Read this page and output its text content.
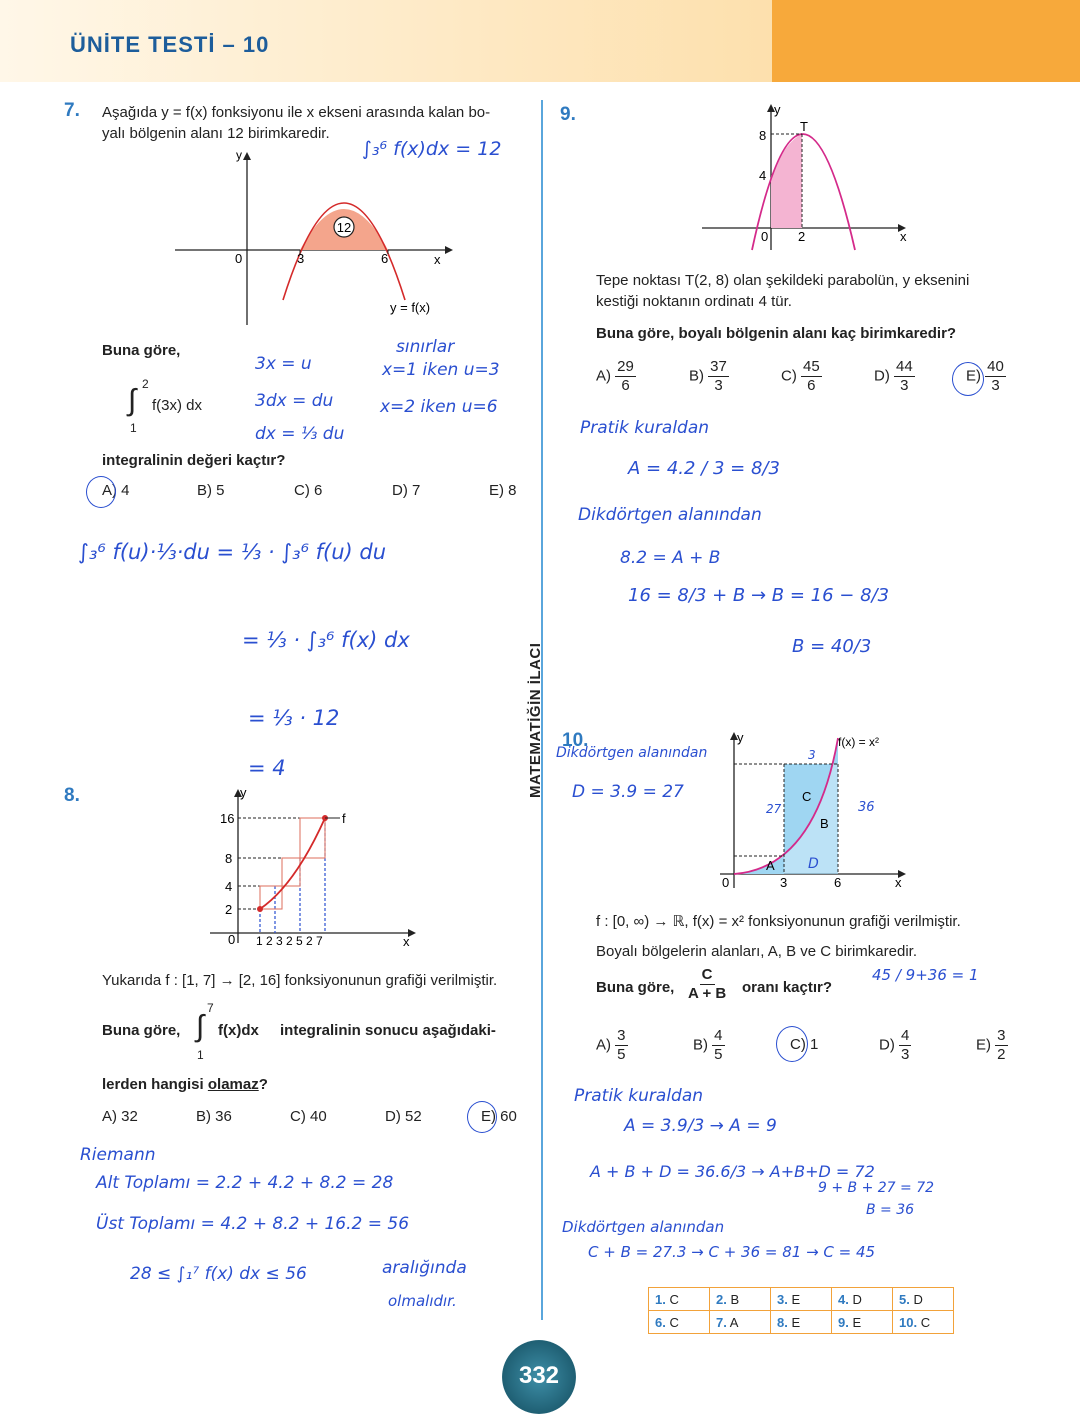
ÜNİTE TESTİ – 10
MATEMATİĞİN İLACI
7. Aşağıda y = f(x) fonksiyonu ile x ekseni arasında kalan bo-
yalı bölgenin alanı 12 birimkaredir.
12
y
x
0	3	6
y = f(x)
Buna göre,
2
∫ f(3x) dx
1
integralinin değeri kaçtır?
A) 4	B) 5	C) 6	D) 7	E) 8
∫₃⁶ f(x)dx = 12
3x = u
3dx = du
dx = ⅓ du
sınırlar
x=1 iken u=3
x=2 iken u=6
∫₃⁶ f(u)·⅓·du = ⅓ · ∫₃⁶ f(u) du
= ⅓ · ∫₃⁶ f(x) dx
= ⅓ · 12
= 4
8.	y
x
f
16
8
4
2
0 1 2 3 2 5 2 7
Yukarıda f : [1, 7] → [2, 16] fonksiyonunun grafiği verilmiştir.
Buna göre,
7
∫ f(x)dx
1
integralinin sonucu aşağıdaki-
lerden hangisi olamaz?
A) 32	B) 36	C) 40	D) 52	E) 60
Riemann
Alt Toplamı = 2.2 + 4.2 + 8.2 = 28
Üst Toplamı = 4.2 + 8.2 + 16.2 = 56
28 ≤ ∫₁⁷ f(x) dx ≤ 56	aralığında
olmalıdır.
9.	y
x
T
8
4
0 2
Tepe noktası T(2, 8) olan şekildeki parabolün, y eksenini
kestiği noktanın ordinatı 4 tür.
Buna göre, boyalı bölgenin alanı kaç birimkaredir?
$A) \frac{29}{6}$	$B) \frac{37}{3}$	$C) \frac{45}{6}$	$D) \frac{44}{3}$	$E) \frac{40}{3}$
Pratik kuraldan
A = 4.2 / 3 = 8/3
Dikdörtgen alanından
8.2 = A + B
16 = 8/3 + B → B = 16 − 8/3
B = 40/3
10.	y
x
f(x) = x²
0
C
B
A
3	6
Dikdörtgen alanından
D = 3.9 = 27
27	36
3
D
f : [0, ∞) → ℝ, f(x) = x² fonksiyonunun grafiği verilmiştir.
Boyalı bölgelerin alanları, A, B ve C birimkaredir.
Buna göre, $\frac{C}{A + B}$ oranı kaçtır?
45 / 9+36 = 1
$A) \frac{3}{5}$	$B) \frac{4}{5}$	C) 1	$D) \frac{4}{3}$	$E) \frac{3}{2}$
Pratik kuraldan
A = 3.9/3 → A = 9
A + B + D = 36.6/3 → A+B+D = 72
9 + B + 27 = 72
B = 36
Dikdörtgen alanından
C + B = 27.3 → C + 36 = 81 → C = 45
1. C	2. B	3. E	4. D	5. D
6. C	7. A	8. E	9. E	10. C
332
